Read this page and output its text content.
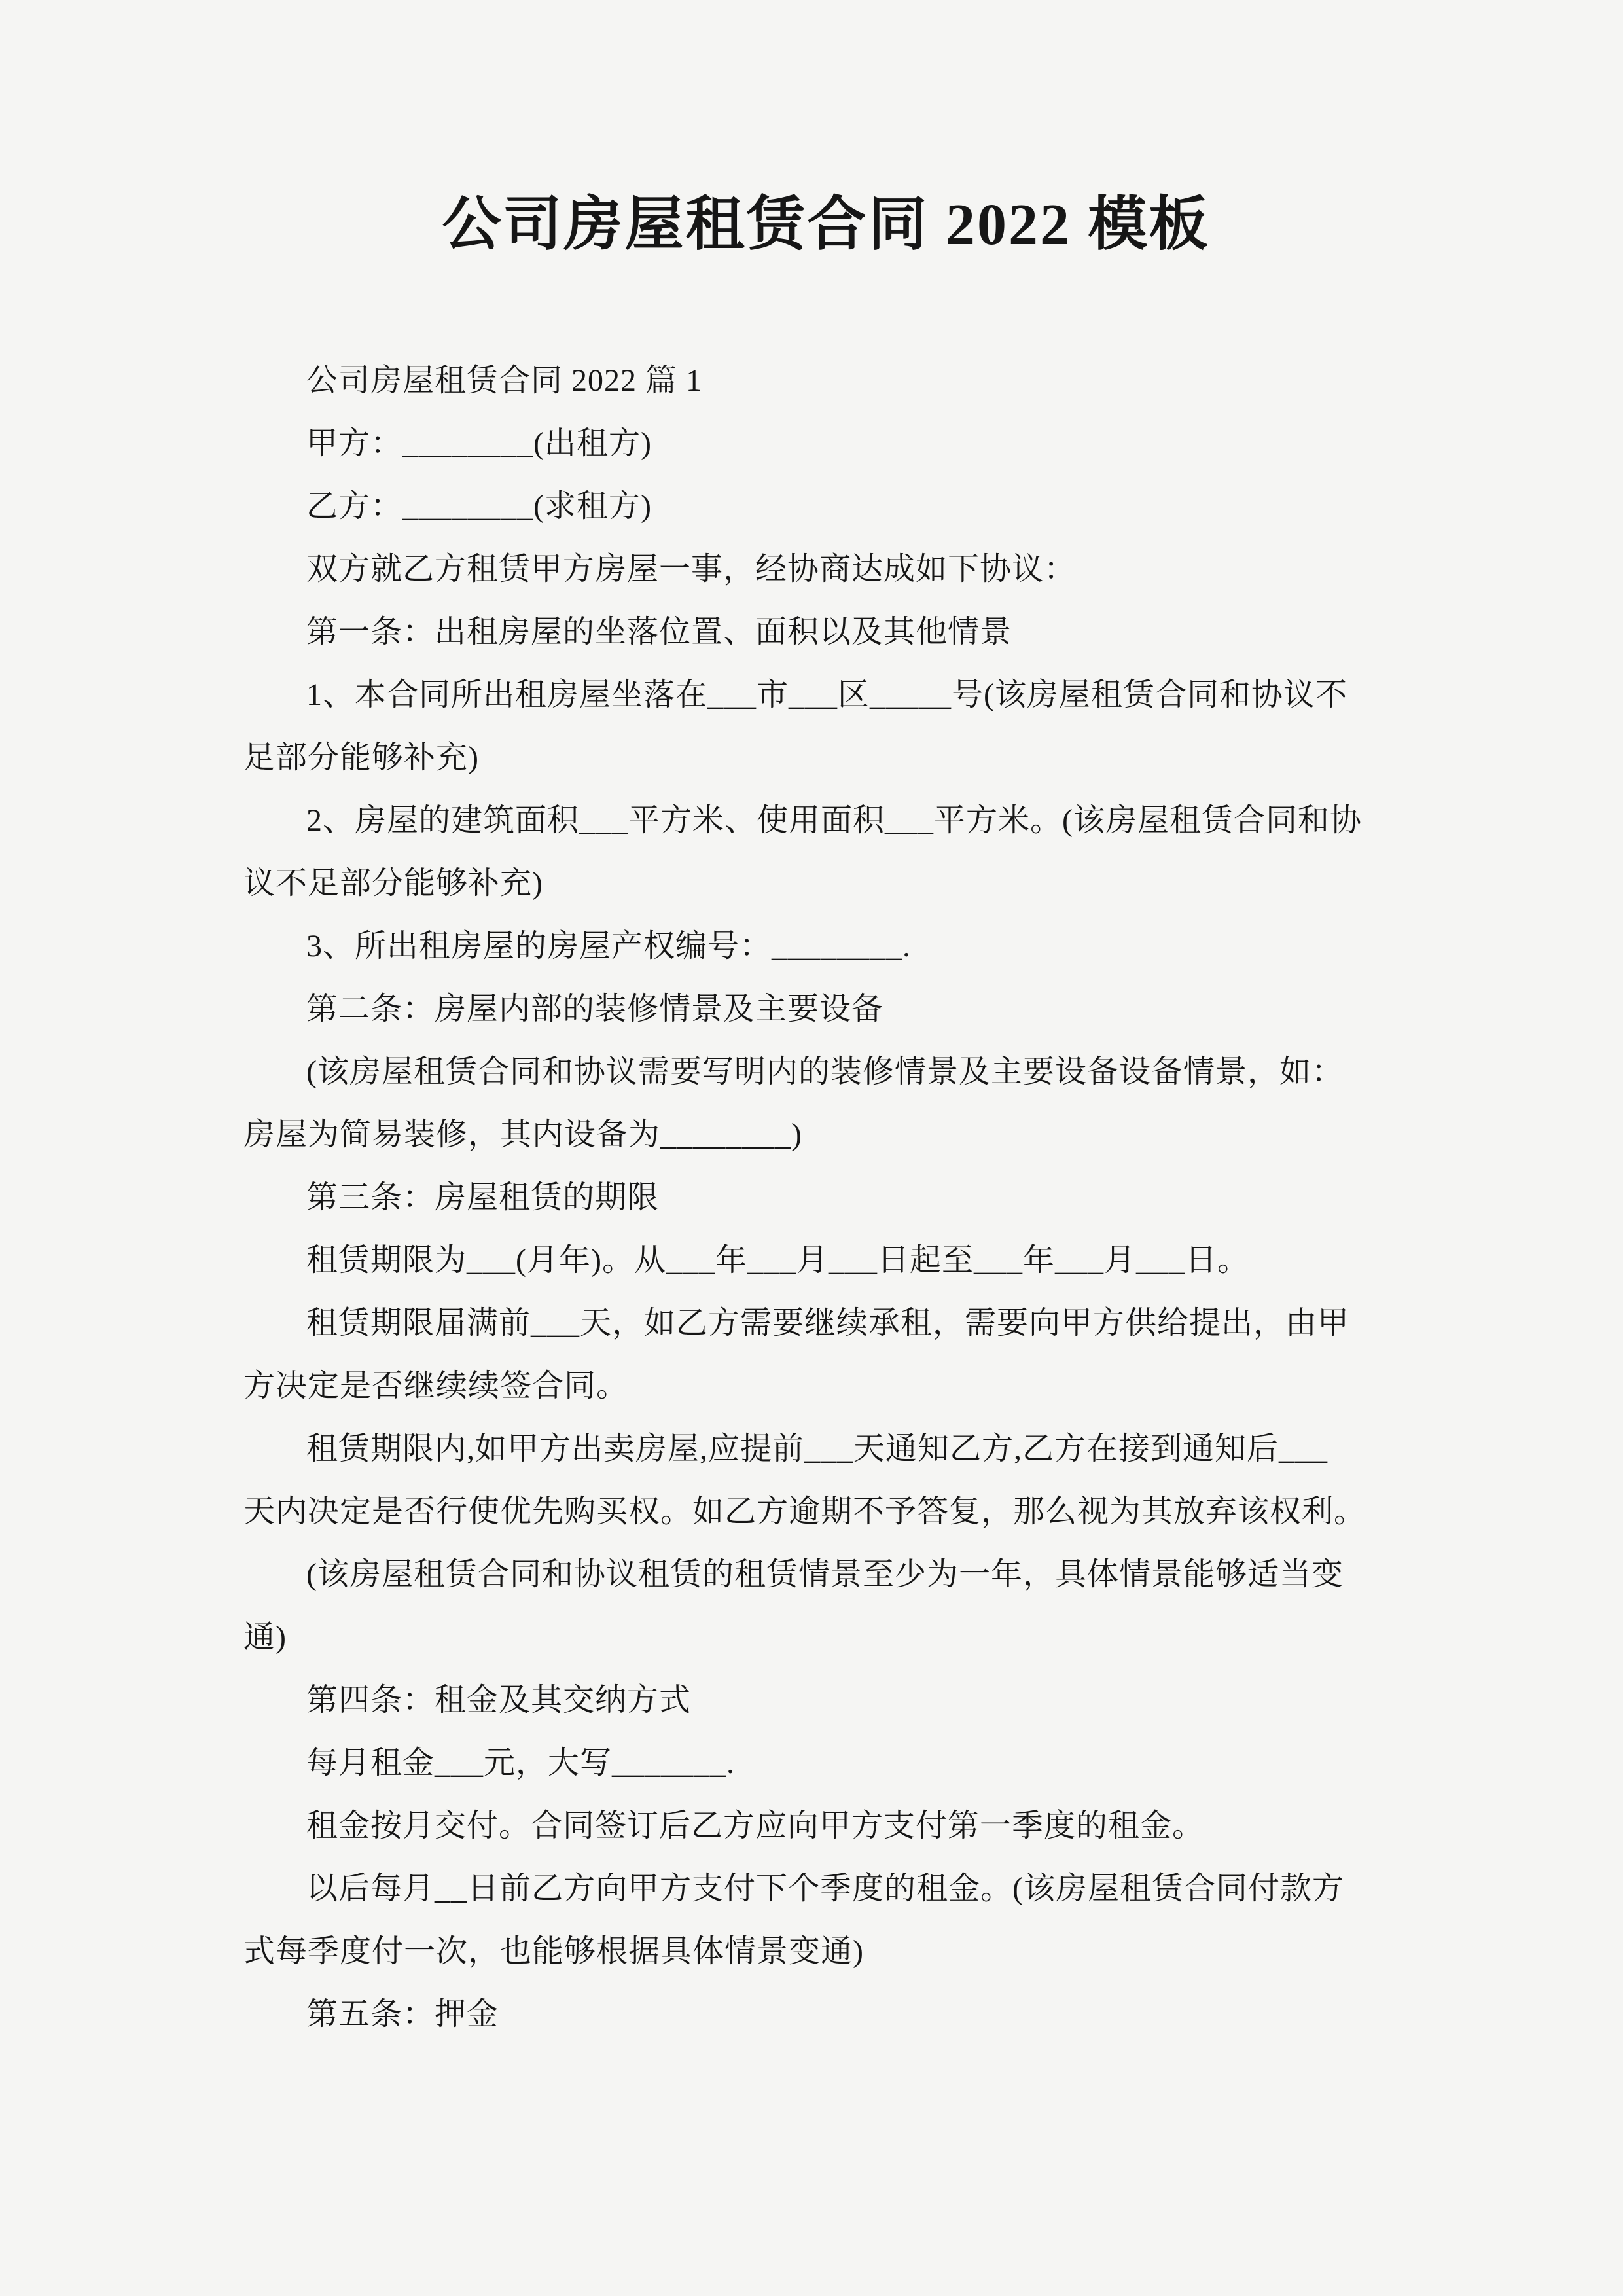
公司房屋租赁合同 2022 模板
公司房屋租赁合同 2022 篇 1
甲方：________(出租方)
乙方：________(求租方)
双方就乙方租赁甲方房屋一事，经协商达成如下协议：
第一条：出租房屋的坐落位置、面积以及其他情景
1、本合同所出租房屋坐落在___市___区_____号(该房屋租赁合同和协议不
足部分能够补充)
2、房屋的建筑面积___平方米、使用面积___平方米。(该房屋租赁合同和协
议不足部分能够补充)
3、所出租房屋的房屋产权编号：________.
第二条：房屋内部的装修情景及主要设备
(该房屋租赁合同和协议需要写明内的装修情景及主要设备设备情景，如：
房屋为简易装修，其内设备为________)
第三条：房屋租赁的期限
租赁期限为___(月年)。从___年___月___日起至___年___月___日。
租赁期限届满前___天，如乙方需要继续承租，需要向甲方供给提出，由甲
方决定是否继续续签合同。
租赁期限内,如甲方出卖房屋,应提前___天通知乙方,乙方在接到通知后___
天内决定是否行使优先购买权。如乙方逾期不予答复，那么视为其放弃该权利。
(该房屋租赁合同和协议租赁的租赁情景至少为一年，具体情景能够适当变
通)
第四条：租金及其交纳方式
每月租金___元，大写_______.
租金按月交付。合同签订后乙方应向甲方支付第一季度的租金。
以后每月__日前乙方向甲方支付下个季度的租金。(该房屋租赁合同付款方
式每季度付一次，也能够根据具体情景变通)
第五条：押金
